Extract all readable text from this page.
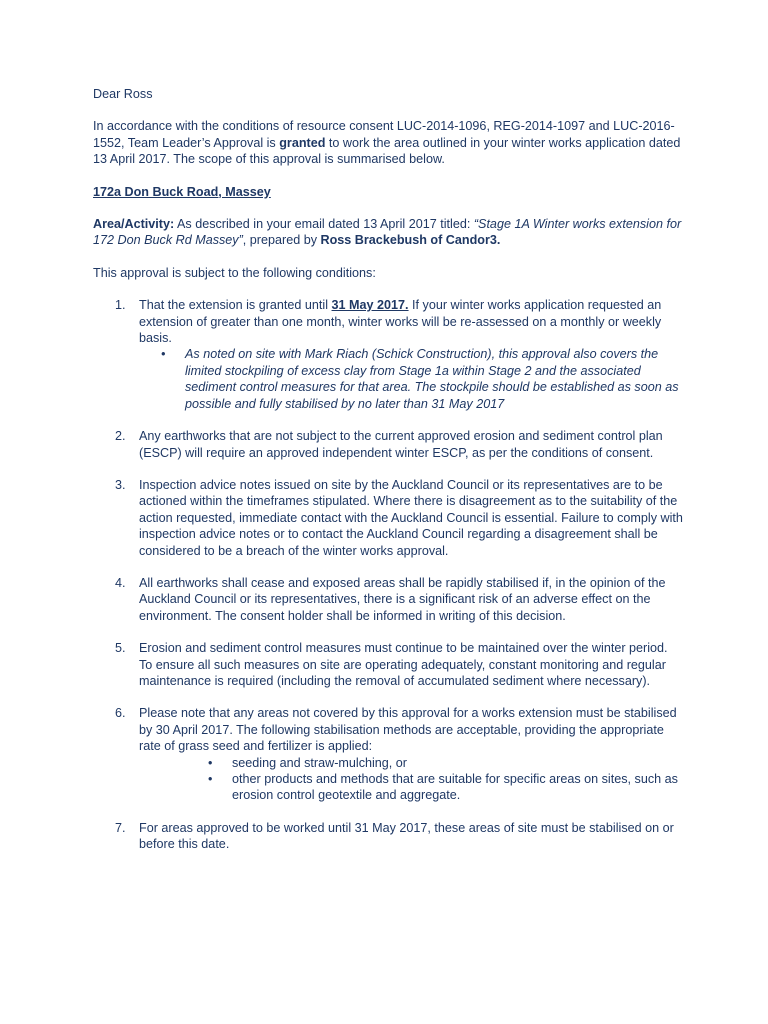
Dear Ross

In accordance with the conditions of resource consent LUC-2014-1096, REG-2014-1097 and LUC-2016-1552, Team Leader’s Approval is granted to work the area outlined in your winter works application dated 13 April 2017. The scope of this approval is summarised below.

172a Don Buck Road, Massey

Area/Activity: As described in your email dated 13 April 2017 titled: “Stage 1A Winter works extension for 172 Don Buck Rd Massey”, prepared by Ross Brackebush of Candor3.

This approval is subject to the following conditions:

1. That the extension is granted until 31 May 2017. If your winter works application requested an extension of greater than one month, winter works will be re-assessed on a monthly or weekly basis.

• As noted on site with Mark Riach (Schick Construction), this approval also covers the limited stockpiling of excess clay from Stage 1a within Stage 2 and the associated sediment control measures for that area. The stockpile should be established as soon as possible and fully stabilised by no later than 31 May 2017
2. Any earthworks that are not subject to the current approved erosion and sediment control plan (ESCP) will require an approved independent winter ESCP, as per the conditions of consent.

3. Inspection advice notes issued on site by the Auckland Council or its representatives are to be actioned within the timeframes stipulated. Where there is disagreement as to the suitability of the action requested, immediate contact with the Auckland Council is essential. Failure to comply with inspection advice notes or to contact the Auckland Council regarding a disagreement shall be considered to be a breach of the winter works approval.

4. All earthworks shall cease and exposed areas shall be rapidly stabilised if, in the opinion of the Auckland Council or its representatives, there is a significant risk of an adverse effect on the environment. The consent holder shall be informed in writing of this decision.

5. Erosion and sediment control measures must continue to be maintained over the winter period. To ensure all such measures on site are operating adequately, constant monitoring and regular maintenance is required (including the removal of accumulated sediment where necessary).

6. Please note that any areas not covered by this approval for a works extension must be stabilised by 30 April 2017. The following stabilisation methods are acceptable, providing the appropriate rate of grass seed and fertilizer is applied:

• seeding and straw-mulching, or
• other products and methods that are suitable for specific areas on sites, such as erosion control geotextile and aggregate.
7. For areas approved to be worked until 31 May 2017, these areas of site must be stabilised on or before this date.
